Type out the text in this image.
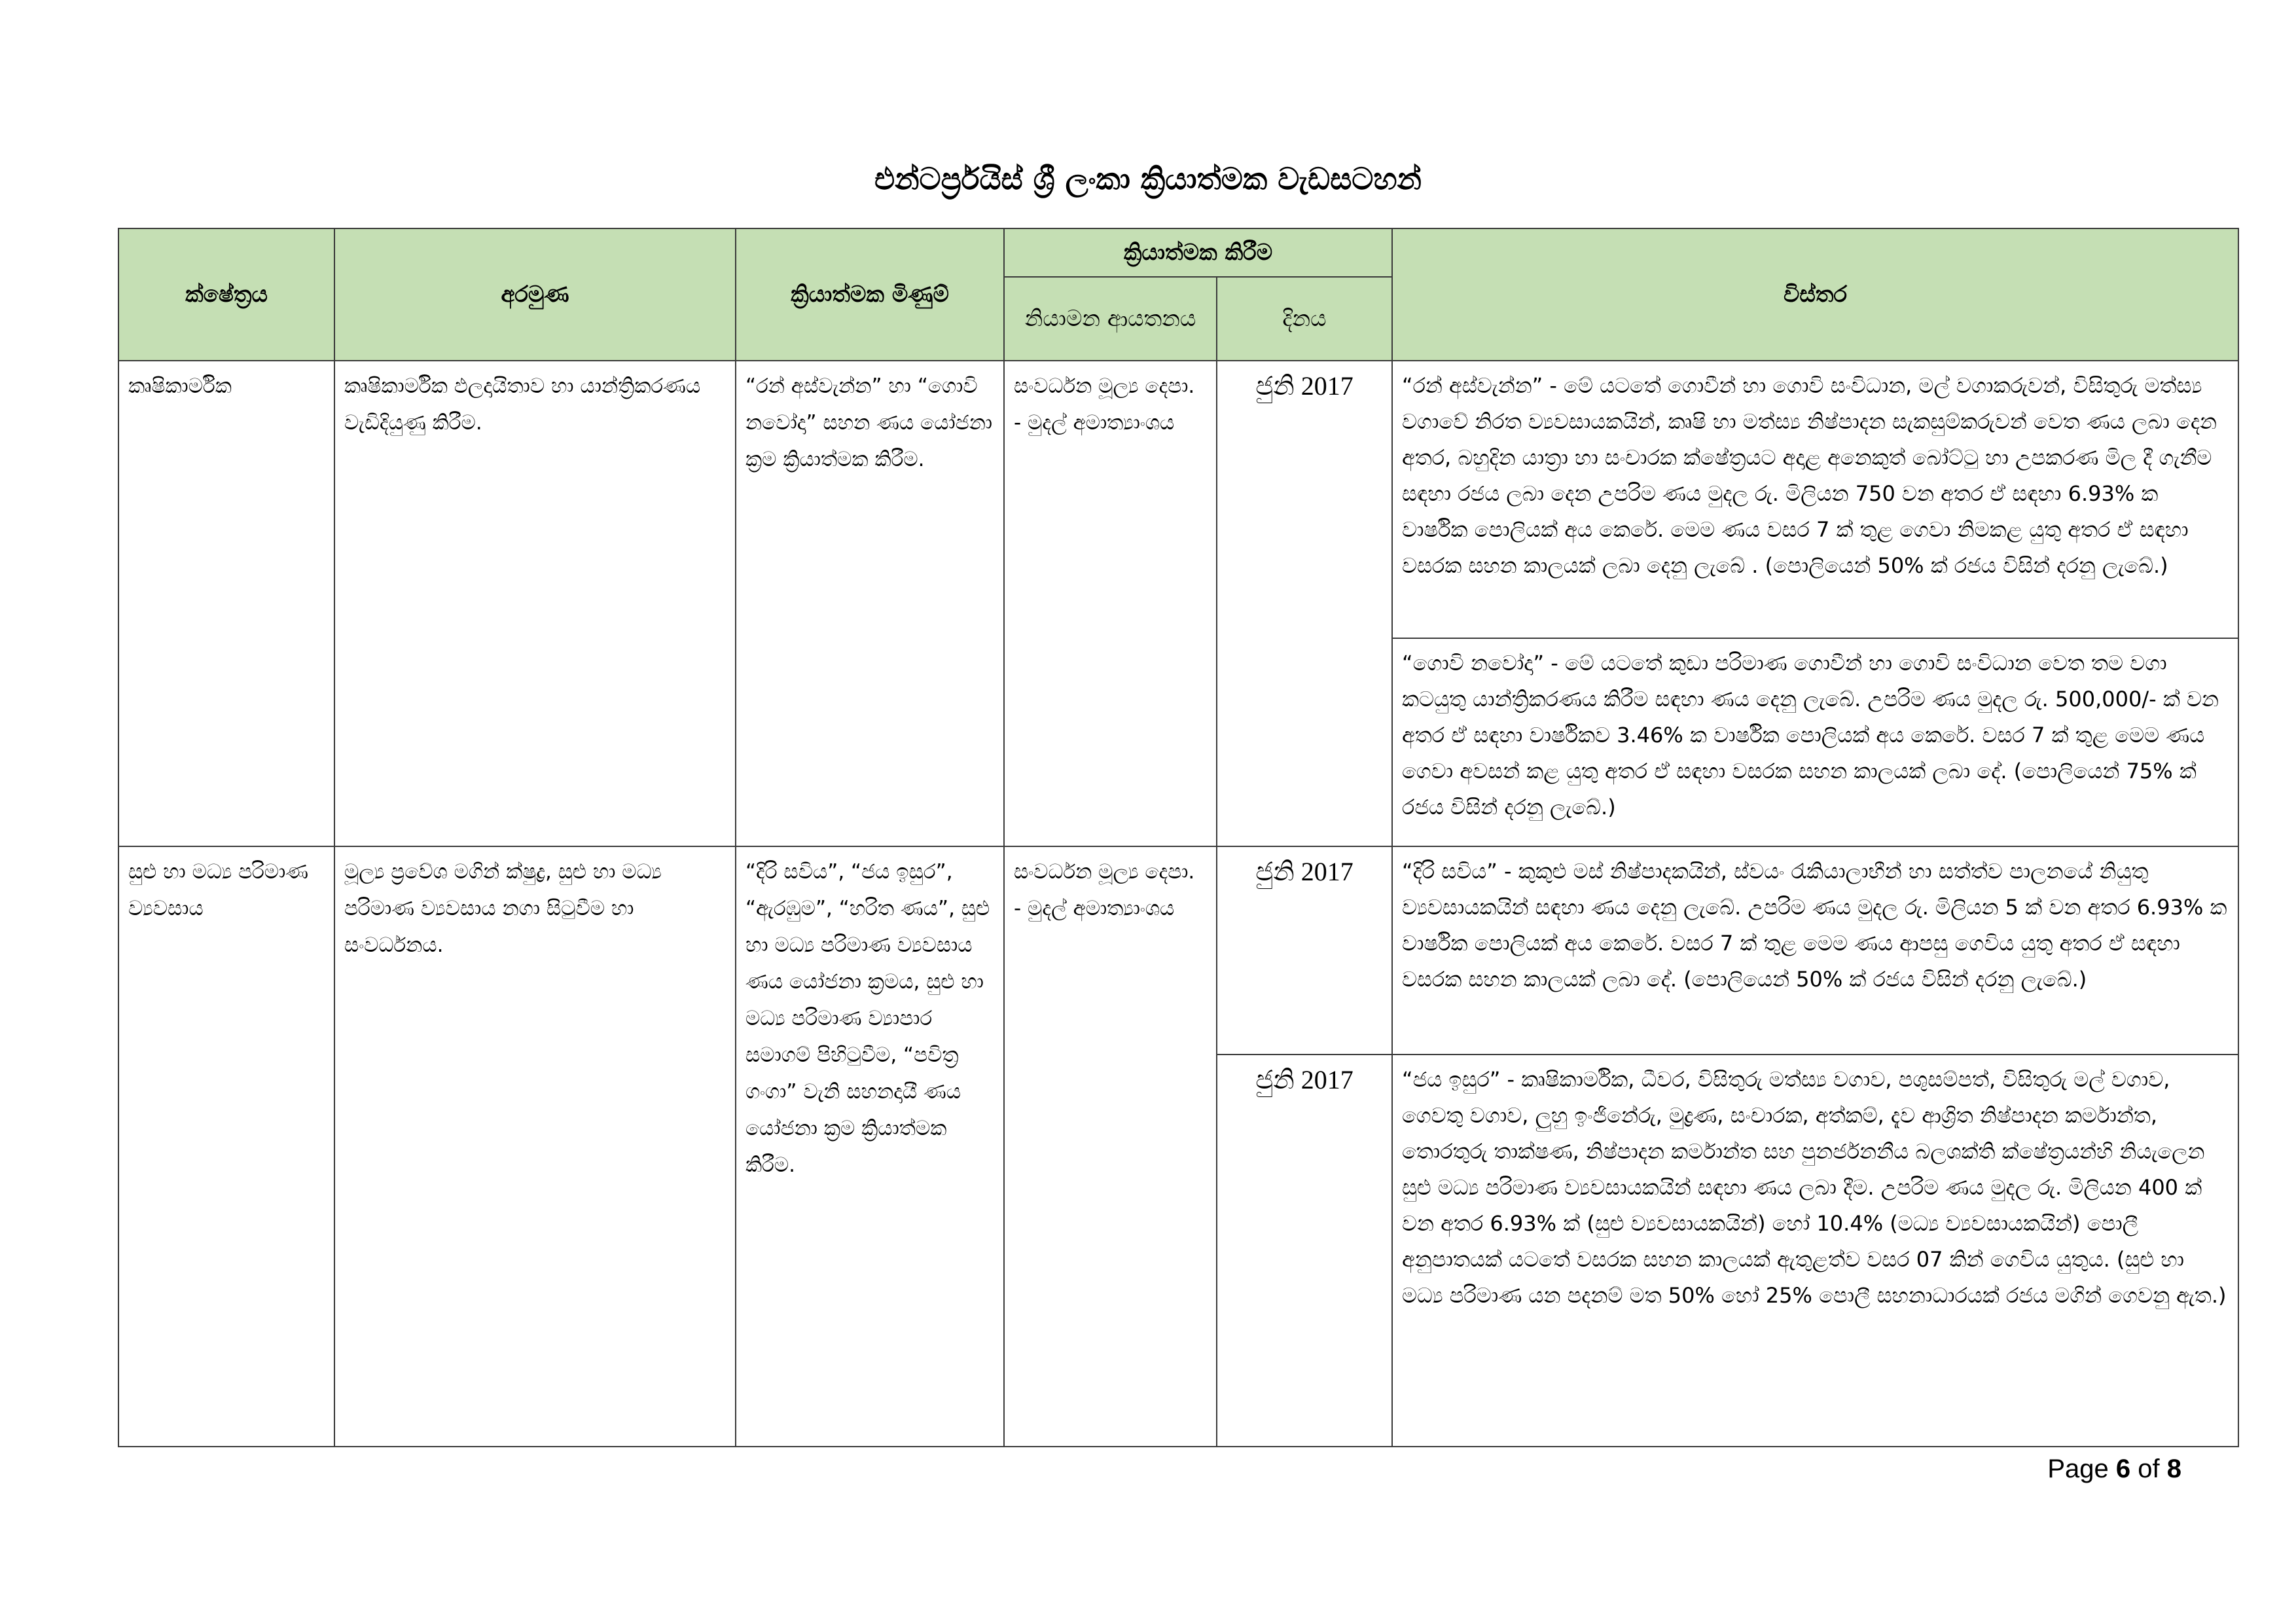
එන්ටර්ප්‍රයිස් ශ්‍රී ලංකා ක්‍රියාත්මක වැඩසටහන්
ක්ෂේත්‍රය	අරමුණ	ක්‍රියාත්මක මිණුම්	ක්‍රියාත්මක කිරීම		විස්තර
			නියාමන ආයතනය	දිනය	
කෘෂිකාර්මික	කෘෂිකාර්මික ඵලදායිතාව හා යාන්ත්‍රිකරණය වැඩිදියුණු කිරීම.	“රන් අස්වැන්න” හා “ගොවි නවෝදා” සහන ණය යෝජනා ක්‍රම ක්‍රියාත්මක කිරීම.	සංවර්ධන මූල්‍ය දෙපා. - මුදල් අමාත්‍යාංශය	ජුනි 2017	“රන් අස්වැන්න” - මේ යටතේ ගොවීන් හා ගොවි සංවිධාන, මල් වගාකරුවන්, විසිතුරු මත්ස්‍ය වගාවේ නිරත ව්‍යවසායකයින්, කෘෂි හා මත්ස්‍ය නිෂ්පාදන සැකසුම්කරුවන් වෙත ණය ලබා දෙන අතර, බහුදින යාත්‍රා හා සංචාරක ක්ෂේත්‍රයට අදාළ අනෙකුත් බෝට්ටු හා උපකරණ මිල දී ගැනීම සඳහා රජය ලබා දෙන උපරිම ණය මුදල රු. මිලියන 750 වන අතර ඒ සඳහා 6.93% ක වාර්ෂික පොලියක් අය කෙරේ. මෙම ණය වසර 7 ක් තුළ ගෙවා නිමකළ යුතු අතර ඒ සඳහා වසරක සහන කාලයක් ලබා දෙනු ලැබේ . (පොලියෙන් 50% ක් රජය විසින් දරනු ලැබේ.)
					“ගොවි නවෝදා” - මේ යටතේ කුඩා පරිමාණ ගොවීන් හා ගොවි සංවිධාන වෙත තම වගා කටයුතු යාන්ත්‍රිකරණය කිරීම සඳහා ණය දෙනු ලැබේ. උපරිම ණය මුදල රු. 500,000/- ක් වන අතර ඒ සඳහා වාර්ෂිකව 3.46% ක වාර්ෂික පොලියක් අය කෙරේ. වසර 7 ක් තුළ මෙම ණය ගෙවා අවසන් කළ යුතු අතර ඒ සඳහා වසරක සහන කාලයක් ලබා දේ. (පොලියෙන් 75% ක් රජය විසින් දරනු ලැබේ.)
සුළු හා මධ්‍ය පරිමාණ ව්‍යවසාය	මූල්‍ය ප්‍රවේශ මගින් ක්ෂුද්‍ර, සුළු හා මධ්‍ය පරිමාණ ව්‍යවසාය නගා සිටුවීම හා සංවර්ධනය.	“දිරි සවිය”, “ජය ඉසුර”, “ඇරඹුම”, “හරිත ණය”, සුළු හා මධ්‍ය පරිමාණ ව්‍යවසාය ණය යෝජනා ක්‍රමය, සුළු හා මධ්‍ය පරිමාණ ව්‍යාපාර සමාගම් පිහිටුවීම, “පවිත්‍ර ගංගා” වැනි සහනදායී ණය යෝජනා ක්‍රම ක්‍රියාත්මක කිරීම.	සංවර්ධන මූල්‍ය දෙපා. - මුදල් අමාත්‍යාංශය	ජුනි 2017	“දිරි සවිය” - කුකුළු මස් නිෂ්පාදකයින්, ස්වයං රැකියාලාභීන් හා සත්ත්ව පාලනයේ නියුතු ව්‍යවසායකයින් සඳහා ණය දෙනු ලැබේ. උපරිම ණය මුදල රු. මිලියන 5 ක් වන අතර 6.93% ක වාර්ෂික පොලියක් අය කෙරේ. වසර 7 ක් තුළ මෙම ණය ආපසු ගෙවිය යුතු අතර ඒ සඳහා වසරක සහන කාලයක් ලබා දේ. (පොලියෙන් 50% ක් රජය විසින් දරනු ලැබේ.)
				ජුනි 2017	“ජය ඉසුර” - කෘෂිකාර්මික, ධීවර, විසිතුරු මත්ස්‍ය වගාව, පශුසම්පත්, විසිතුරු මල් වගාව, ගෙවතු වගාව, ලුහු ඉංජිනේරු, මුද්‍රණ, සංචාරක, අත්කම්, දැව ආශ්‍රිත නිෂ්පාදන කර්මාන්ත, තොරතුරු තාක්ෂණ, නිෂ්පාදන කර්මාන්ත සහ පුනර්ජනනීය බලශක්ති ක්ෂේත්‍රයන්හි නියැලෙන සුළු මධ්‍ය පරිමාණ ව්‍යවසායකයින් සඳහා ණය ලබා දීම. උපරිම ණය මුදල රු. මිලියන 400 ක් වන අතර 6.93% ක් (සුළු ව්‍යවසායකයින්) හෝ 10.4% (මධ්‍ය ව්‍යවසායකයින්) පොලී අනුපාතයක් යටතේ වසරක සහන කාලයක් ඇතුළත්ව වසර 07 කින් ගෙවිය යුතුය. (සුළු හා මධ්‍ය පරිමාණ යන පදනම් මත 50% හෝ 25% පොලී සහනාධාරයක් රජය මගින් ගෙවනු ඇත.)
Page 6 of 8
